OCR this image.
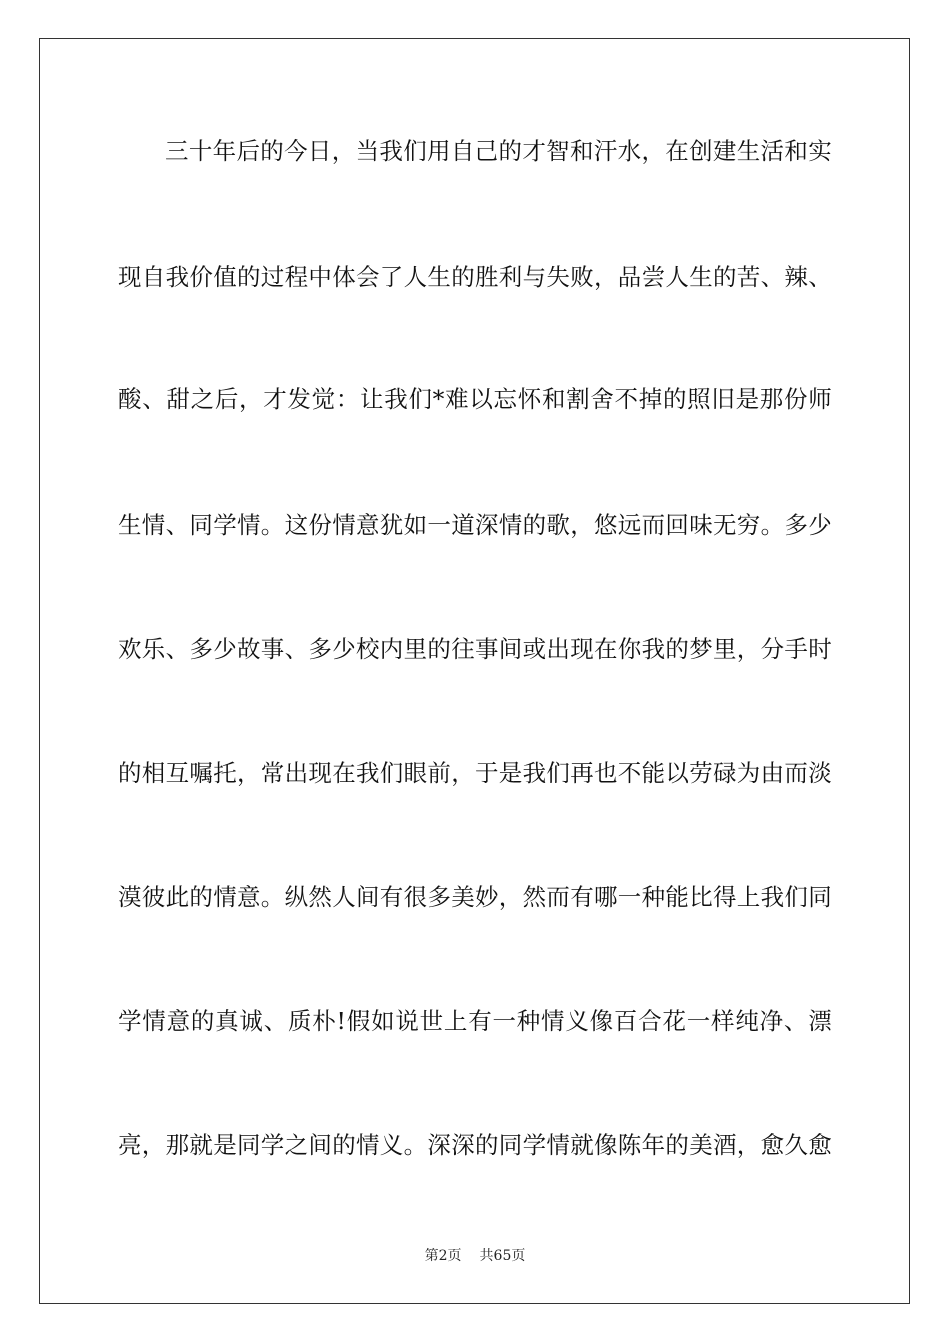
三十年后的今日，当我们用自己的才智和汗水，在创建生活和实
现自我价值的过程中体会了人生的胜利与失败，品尝人生的苦、辣、
酸、甜之后，才发觉：让我们*难以忘怀和割舍不掉的照旧是那份师
生情、同学情。这份情意犹如一道深情的歌，悠远而回味无穷。多少
欢乐、多少故事、多少校内里的往事间或出现在你我的梦里，分手时
的相互嘱托，常出现在我们眼前，于是我们再也不能以劳碌为由而淡
漠彼此的情意。纵然人间有很多美妙，然而有哪一种能比得上我们同
学情意的真诚、质朴!假如说世上有一种情义像百合花一样纯净、漂
亮，那就是同学之间的情义。深深的同学情就像陈年的美酒，愈久愈
第2页 共65页
